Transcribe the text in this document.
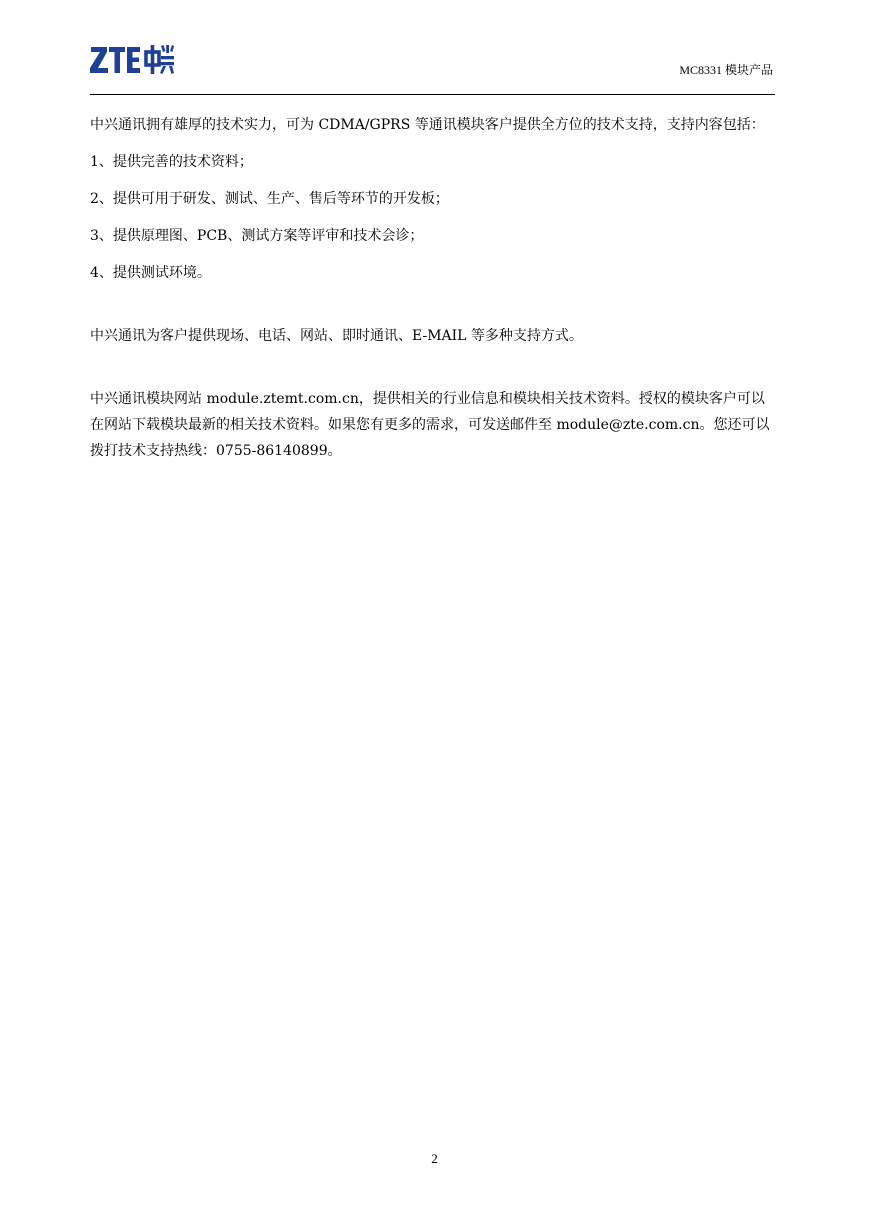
MC8331 模块产品

中兴通讯拥有雄厚的技术实力，可为 CDMA/GPRS 等通讯模块客户提供全方位的技术支持，支持内容包括：

1、提供完善的技术资料；

2、提供可用于研发、测试、生产、售后等环节的开发板；

3、提供原理图、PCB、测试方案等评审和技术会诊；

4、提供测试环境。

中兴通讯为客户提供现场、电话、网站、即时通讯、E-MAIL 等多种支持方式。

中兴通讯模块网站 module.ztemt.com.cn，提供相关的行业信息和模块相关技术资料。授权的模块客户可以在网站下载模块最新的相关技术资料。如果您有更多的需求，可发送邮件至 module@zte.com.cn。您还可以拨打技术支持热线：0755-86140899。

2
